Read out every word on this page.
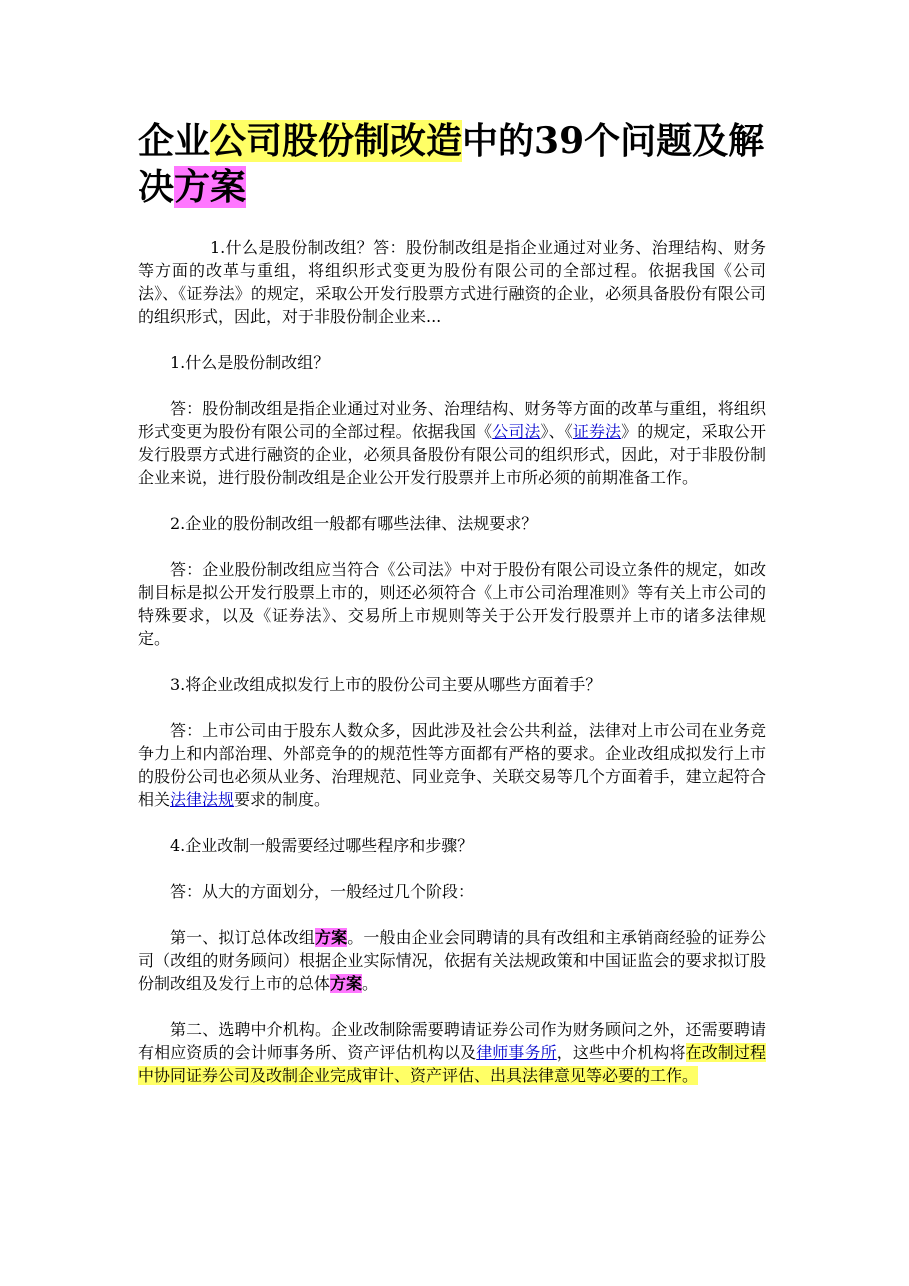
企业公司股份制改造中的39个问题及解决方案

1.什么是股份制改组？答：股份制改组是指企业通过对业务、治理结构、财务等方面的改革与重组，将组织形式变更为股份有限公司的全部过程。依据我国《公司法》、《证券法》的规定，采取公开发行股票方式进行融资的企业，必须具备股份有限公司的组织形式，因此，对于非股份制企业来...

1.什么是股份制改组？

答：股份制改组是指企业通过对业务、治理结构、财务等方面的改革与重组，将组织形式变更为股份有限公司的全部过程。依据我国《公司法》、《证券法》的规定，采取公开发行股票方式进行融资的企业，必须具备股份有限公司的组织形式，因此，对于非股份制企业来说，进行股份制改组是企业公开发行股票并上市所必须的前期准备工作。

2.企业的股份制改组一般都有哪些法律、法规要求？

答：企业股份制改组应当符合《公司法》中对于股份有限公司设立条件的规定，如改制目标是拟公开发行股票上市的，则还必须符合《上市公司治理准则》等有关上市公司的特殊要求，以及《证券法》、交易所上市规则等关于公开发行股票并上市的诸多法律规定。

3.将企业改组成拟发行上市的股份公司主要从哪些方面着手？

答：上市公司由于股东人数众多，因此涉及社会公共利益，法律对上市公司在业务竞争力上和内部治理、外部竞争的的规范性等方面都有严格的要求。企业改组成拟发行上市的股份公司也必须从业务、治理规范、同业竞争、关联交易等几个方面着手，建立起符合相关法律法规要求的制度。

4.企业改制一般需要经过哪些程序和步骤？

答：从大的方面划分，一般经过几个阶段：

第一、拟订总体改组方案。一般由企业会同聘请的具有改组和主承销商经验的证券公司（改组的财务顾问）根据企业实际情况，依据有关法规政策和中国证监会的要求拟订股份制改组及发行上市的总体方案。

第二、选聘中介机构。企业改制除需要聘请证券公司作为财务顾问之外，还需要聘请有相应资质的会计师事务所、资产评估机构以及律师事务所，这些中介机构将在改制过程中协同证券公司及改制企业完成审计、资产评估、出具法律意见等必要的工作。
